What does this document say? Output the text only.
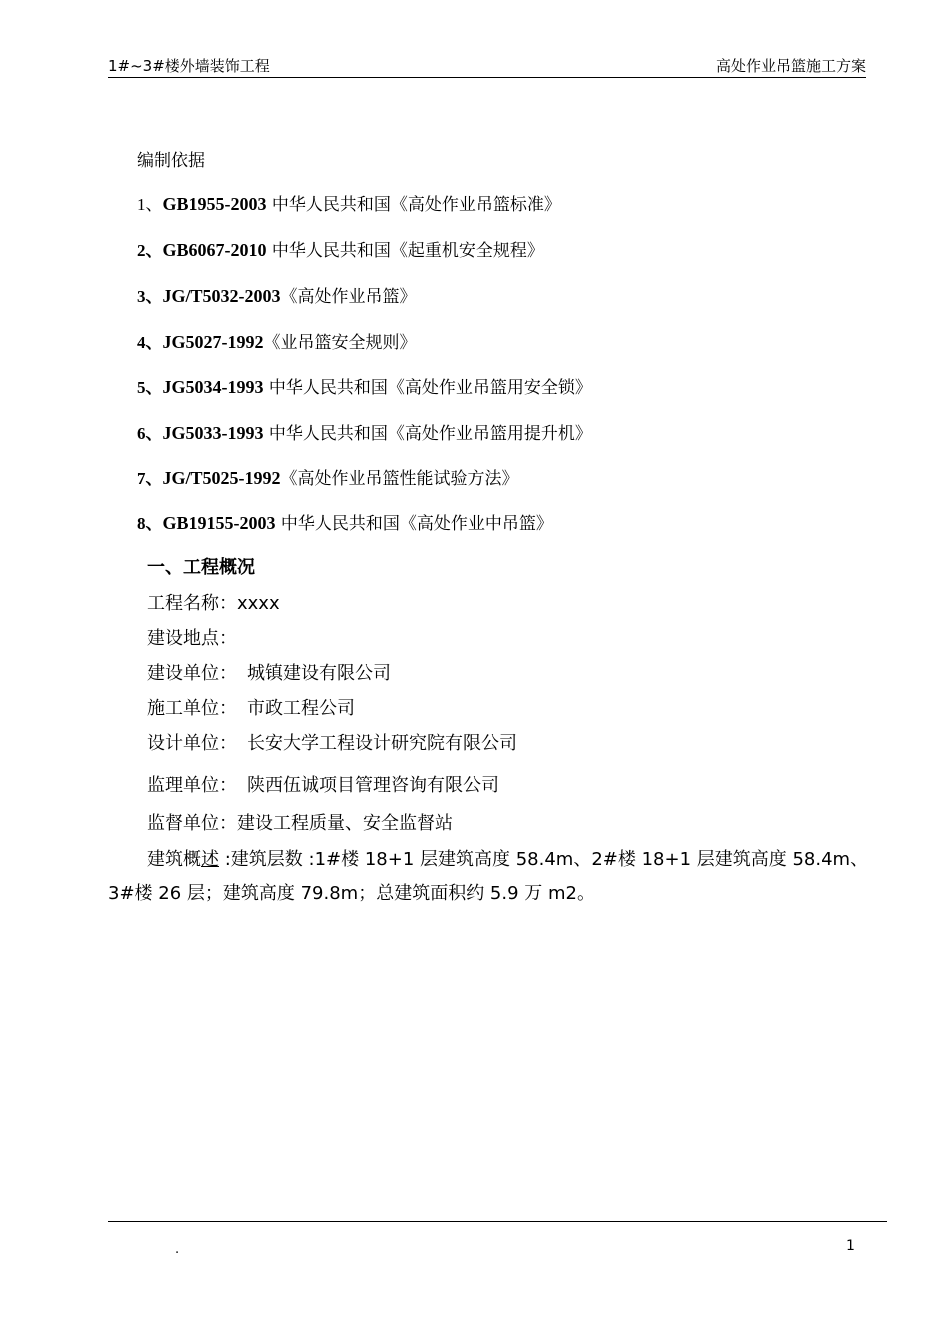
1#~3#楼外墙装饰工程	高处作业吊篮施工方案
编制依据
1、GB1955-2003 中华人民共和国《高处作业吊篮标准》
2、GB6067-2010 中华人民共和国《起重机安全规程》
3、JG/T5032-2003《高处作业吊篮》
4、JG5027-1992《业吊篮安全规则》
5、JG5034-1993 中华人民共和国《高处作业吊篮用安全锁》
6、JG5033-1993 中华人民共和国《高处作业吊篮用提升机》
7、JG/T5025-1992《高处作业吊篮性能试验方法》
8、GB19155-2003 中华人民共和国《高处作业中吊篮》
一、工程概况
工程名称：xxxx
建设地点：
建设单位： 城镇建设有限公司
施工单位： 市政工程公司
设计单位： 长安大学工程设计研究院有限公司
监理单位： 陕西伍诚项目管理咨询有限公司
监督单位：建设工程质量、安全监督站
建筑概述 :建筑层数 :1#楼 18+1 层建筑高度 58.4m、2#楼 18+1 层建筑高度 58.4m、
3#楼 26 层；建筑高度 79.8m；总建筑面积约 5.9 万 m2。
.	1
